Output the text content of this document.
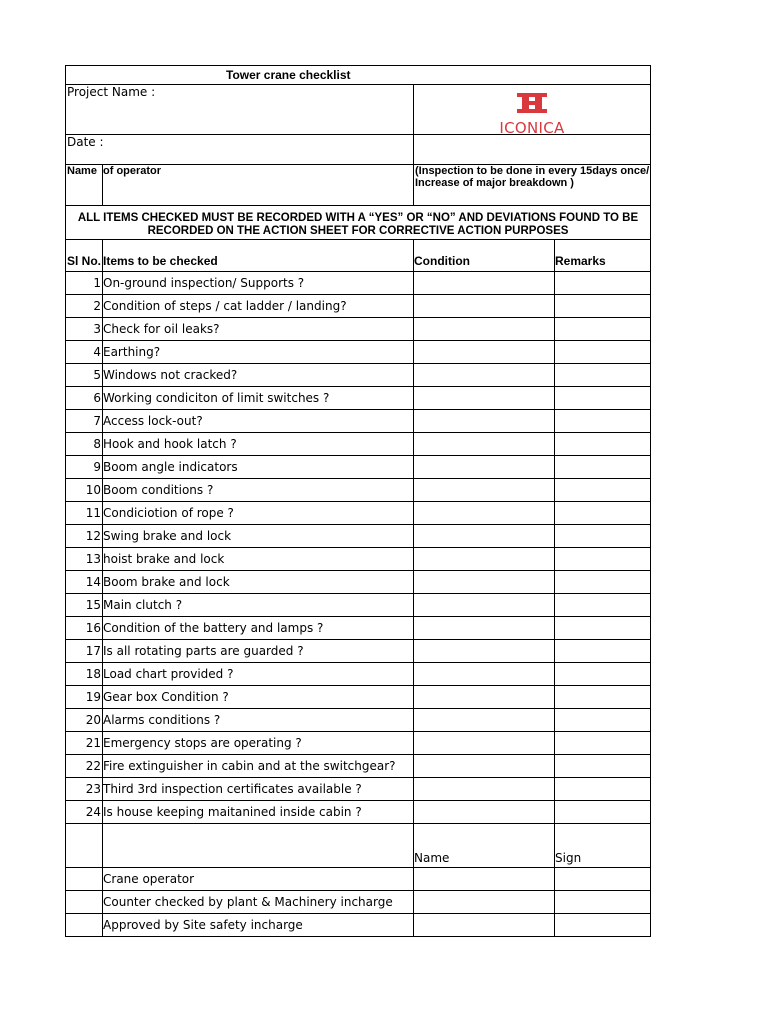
Tower crane checklist
Project Name :
ICONICA
Date :
Name of operator	(Inspection to be done in every 15days once/ Increase of major breakdown )
ALL ITEMS CHECKED MUST BE RECORDED WITH A “YES” OR “NO” AND DEVIATIONS FOUND TO BE RECORDED ON THE ACTION SHEET FOR CORRECTIVE ACTION PURPOSES
Sl No. Items to be checked	Condition	Remarks
1 On-ground inspection/ Supports ?
2 Condition of steps / cat ladder / landing?
3 Check for oil leaks?
4 Earthing?
5 Windows not cracked?
6 Working condiciton of limit switches ?
7 Access lock-out?
8 Hook and hook latch ?
9 Boom angle indicators
10 Boom conditions ?
11 Condiciotion of rope ?
12 Swing brake and lock
13 hoist brake and lock
14 Boom brake and lock
15 Main clutch ?
16 Condition of the battery and lamps ?
17 Is all rotating parts are guarded ?
18 Load chart provided ?
19 Gear box Condition ?
20 Alarms conditions ?
21 Emergency stops are operating ?
22 Fire extinguisher in cabin and at the switchgear?
23 Third 3rd inspection certificates available ?
24 Is house keeping maitanined inside cabin ?
Name	Sign
Crane operator
Counter checked by plant & Machinery incharge
Approved by Site safety incharge
